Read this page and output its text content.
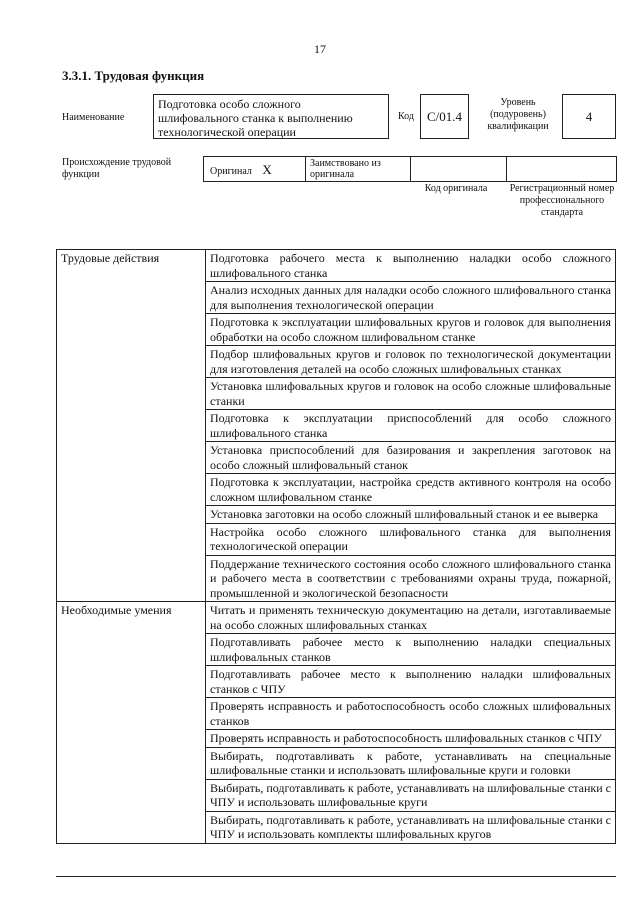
17
3.3.1. Трудовая функция
Наименование
Подготовка особо сложного шлифовального станка к выполнению технологической операции
Код C/01.4
Уровень (подуровень) квалификации
4
Происхождение трудовой функции	Оригинал X	Заимствовано из оригинала
Код оригинала	Регистрационный номер профессионального стандарта
Трудовые действия	Подготовка рабочего места к выполнению наладки особо сложного шлифовального станка
	Анализ исходных данных для наладки особо сложного шлифовального станка для выполнения технологической операции
	Подготовка к эксплуатации шлифовальных кругов и головок для выполнения обработки на особо сложном шлифовальном станке
	Подбор шлифовальных кругов и головок по технологической документации для изготовления деталей на особо сложных шлифовальных станках
	Установка шлифовальных кругов и головок на особо сложные шлифовальные станки
	Подготовка к эксплуатации приспособлений для особо сложного шлифовального станка
	Установка приспособлений для базирования и закрепления заготовок на особо сложный шлифовальный станок
	Подготовка к эксплуатации, настройка средств активного контроля на особо сложном шлифовальном станке
	Установка заготовки на особо сложный шлифовальный станок и ее выверка
	Настройка особо сложного шлифовального станка для выполнения технологической операции
	Поддержание технического состояния особо сложного шлифовального станка и рабочего места в соответствии с требованиями охраны труда, пожарной, промышленной и экологической безопасности
Необходимые умения	Читать и применять техническую документацию на детали, изготавливаемые на особо сложных шлифовальных станках
	Подготавливать рабочее место к выполнению наладки специальных шлифовальных станков
	Подготавливать рабочее место к выполнению наладки шлифовальных станков с ЧПУ
	Проверять исправность и работоспособность особо сложных шлифовальных станков
	Проверять исправность и работоспособность шлифовальных станков с ЧПУ
	Выбирать, подготавливать к работе, устанавливать на специальные шлифовальные станки и использовать шлифовальные круги и головки
	Выбирать, подготавливать к работе, устанавливать на шлифовальные станки с ЧПУ и использовать шлифовальные круги
	Выбирать, подготавливать к работе, устанавливать на шлифовальные станки с ЧПУ и использовать комплекты шлифовальных кругов
